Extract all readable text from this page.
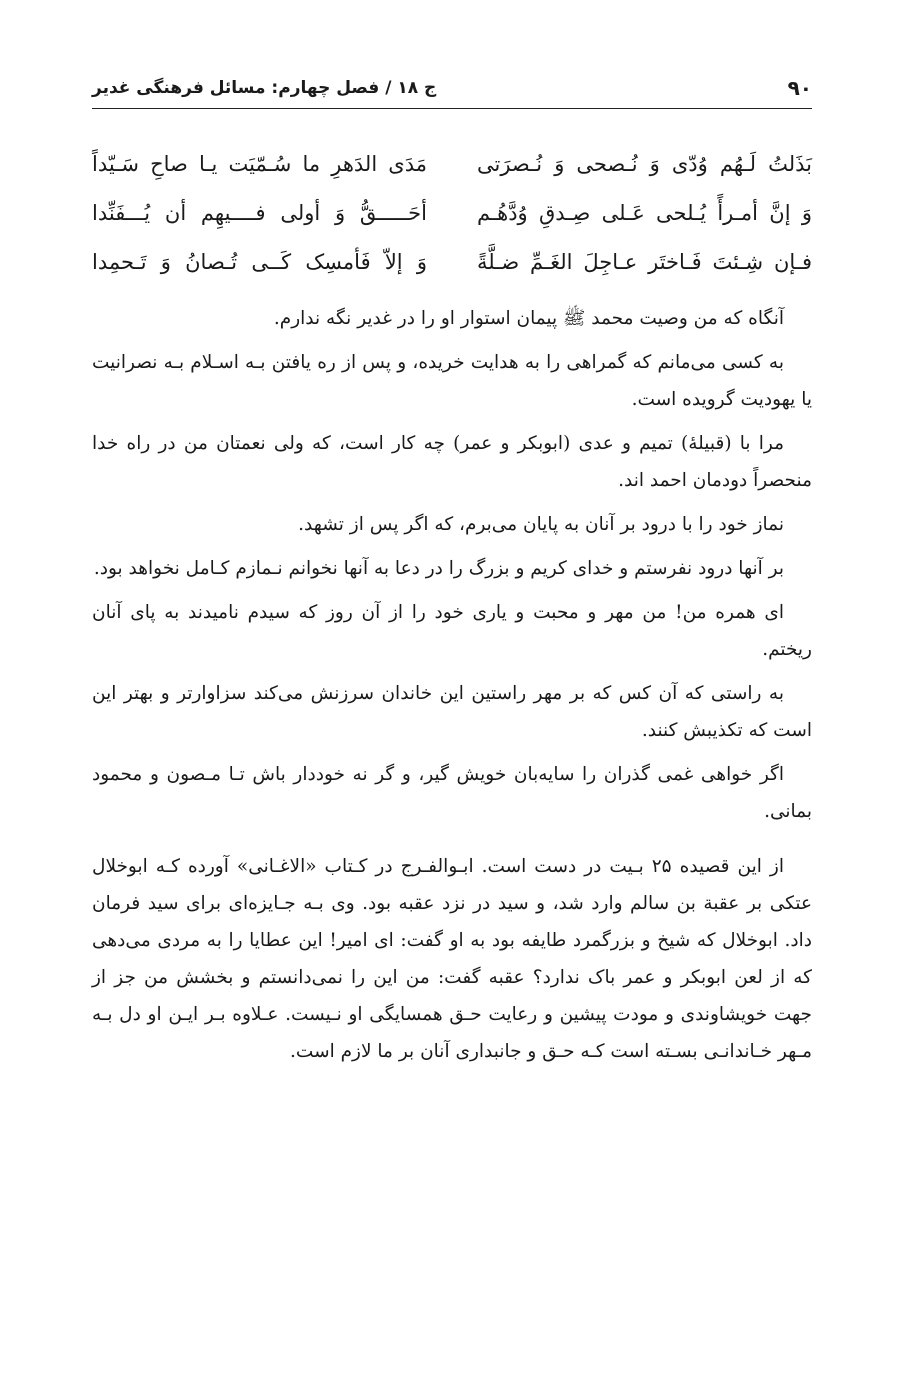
۹۰
ج ۱۸ / فصل چهارم: مسائل فرهنگی غدیر
بَذَلتُ لَـهُم وُدّی وَ نُـصحی وَ نُـصرَتی
مَدَی الدَهرِ ما سُـمّیَت یـا صاحِ سَـیّداً
وَ إنَّ أمـرأً یُـلحی عَـلی صِـدقِ وُدَّهُـم
أحَـــــقُّ وَ أولی فــــیهِم أن یُـــفَنِّدا
فـإن شِـئتَ فَـاختَر عـاجِلَ الغَـمِّ ضـلَّةً
وَ إلاّ فَأمسِک کَــی تُـصانُ وَ تَـحمِدا

آنگاه که من وصیت محمد ﷺ پیمان استوار او را در غدیر نگه ندارم.

به کسی می‌مانم که گمراهی را به هدایت خریده، و پس از ره یافتن بـه اسـلام بـه نصرانیت یا یهودیت گرویده است.

مرا با (قبیلۀ) تمیم و عدی (ابوبکر و عمر) چه کار است، که ولی نعمتان من در راه خدا منحصراً دودمان احمد اند.

نماز خود را با درود بر آنان به پایان می‌برم، که اگر پس از تشهد.

بر آنها درود نفرستم و خدای کریم و بزرگ را در دعا به آنها نخوانم نـمازم کـامل نخواهد بود.

ای همره من! من مهر و محبت و یاری خود را از آن روز که سیدم نامیدند به پای آنان ریختم.

به راستی که آن کس که بر مهر راستین این خاندان سرزنش می‌کند سزاوارتر و بهتر این است که تکذیبش کنند.

اگر خواهی غمی گذران را سایه‌بان خویش گیر، و گر نه خوددار باش تـا مـصون و محمود بمانی.

از این قصیده ۲۵ بـیت در دست است. ابـوالفـرج در کـتاب «الاغـانی» آورده کـه ابوخلال عتکی بر عقبة بن سالم وارد شد، و سید در نزد عقبه بود. وی بـه جـایزه‌ای برای سید فرمان داد. ابوخلال که شیخ و بزرگمرد طایفه بود به او گفت: ای امیر! این عطایا را به مردی می‌دهی که از لعن ابوبکر و عمر باک ندارد؟ عقبه گفت: من این را نمی‌دانستم و بخشش من جز از جهت خویشاوندی و مودت پیشین و رعایت حـق همسایگی او نـیست. عـلاوه بـر ایـن او دل بـه مـهر خـاندانـی بسـته است کـه حـق و جانبداری آنان بر ما لازم است.
